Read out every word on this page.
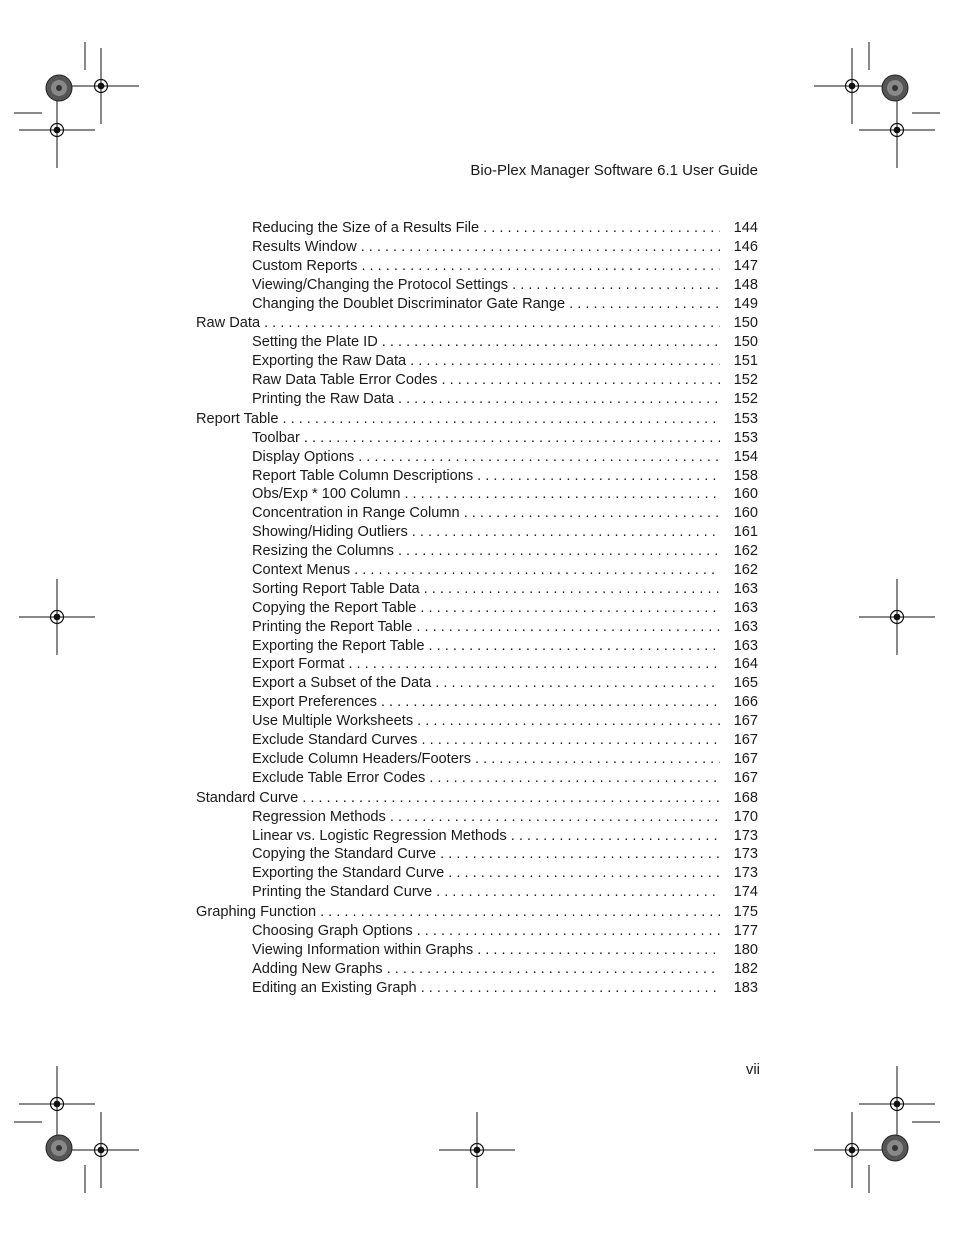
Bio-Plex Manager Software 6.1 User Guide
Reducing the Size of a Results File . . .	144
Results Window . . .	146
Custom Reports . . .	147
Viewing/Changing the Protocol Settings . . .	148
Changing the Doublet Discriminator Gate Range . . .	149
Raw Data . . .	150
Setting the Plate ID . . .	150
Exporting the Raw Data . . .	151
Raw Data Table Error Codes . . .	152
Printing the Raw Data . . .	152
Report Table . . .	153
Toolbar . . .	153
Display Options . . .	154
Report Table Column Descriptions . . .	158
Obs/Exp * 100 Column . . .	160
Concentration in Range Column . . .	160
Showing/Hiding Outliers . . .	161
Resizing the Columns . . .	162
Context Menus . . .	162
Sorting Report Table Data . . .	163
Copying the Report Table . . .	163
Printing the Report Table . . .	163
Exporting the Report Table . . .	163
Export Format . . .	164
Export a Subset of the Data . . .	165
Export Preferences . . .	166
Use Multiple Worksheets . . .	167
Exclude Standard Curves . . .	167
Exclude Column Headers/Footers . . .	167
Exclude Table Error Codes . . .	167
Standard Curve . . .	168
Regression Methods . . .	170
Linear vs. Logistic Regression Methods . . .	173
Copying the Standard Curve . . .	173
Exporting the Standard Curve . . .	173
Printing the Standard Curve . . .	174
Graphing Function . . .	175
Choosing Graph Options . . .	177
Viewing Information within Graphs . . .	180
Adding New Graphs . . .	182
Editing an Existing Graph . . .	183
vii
